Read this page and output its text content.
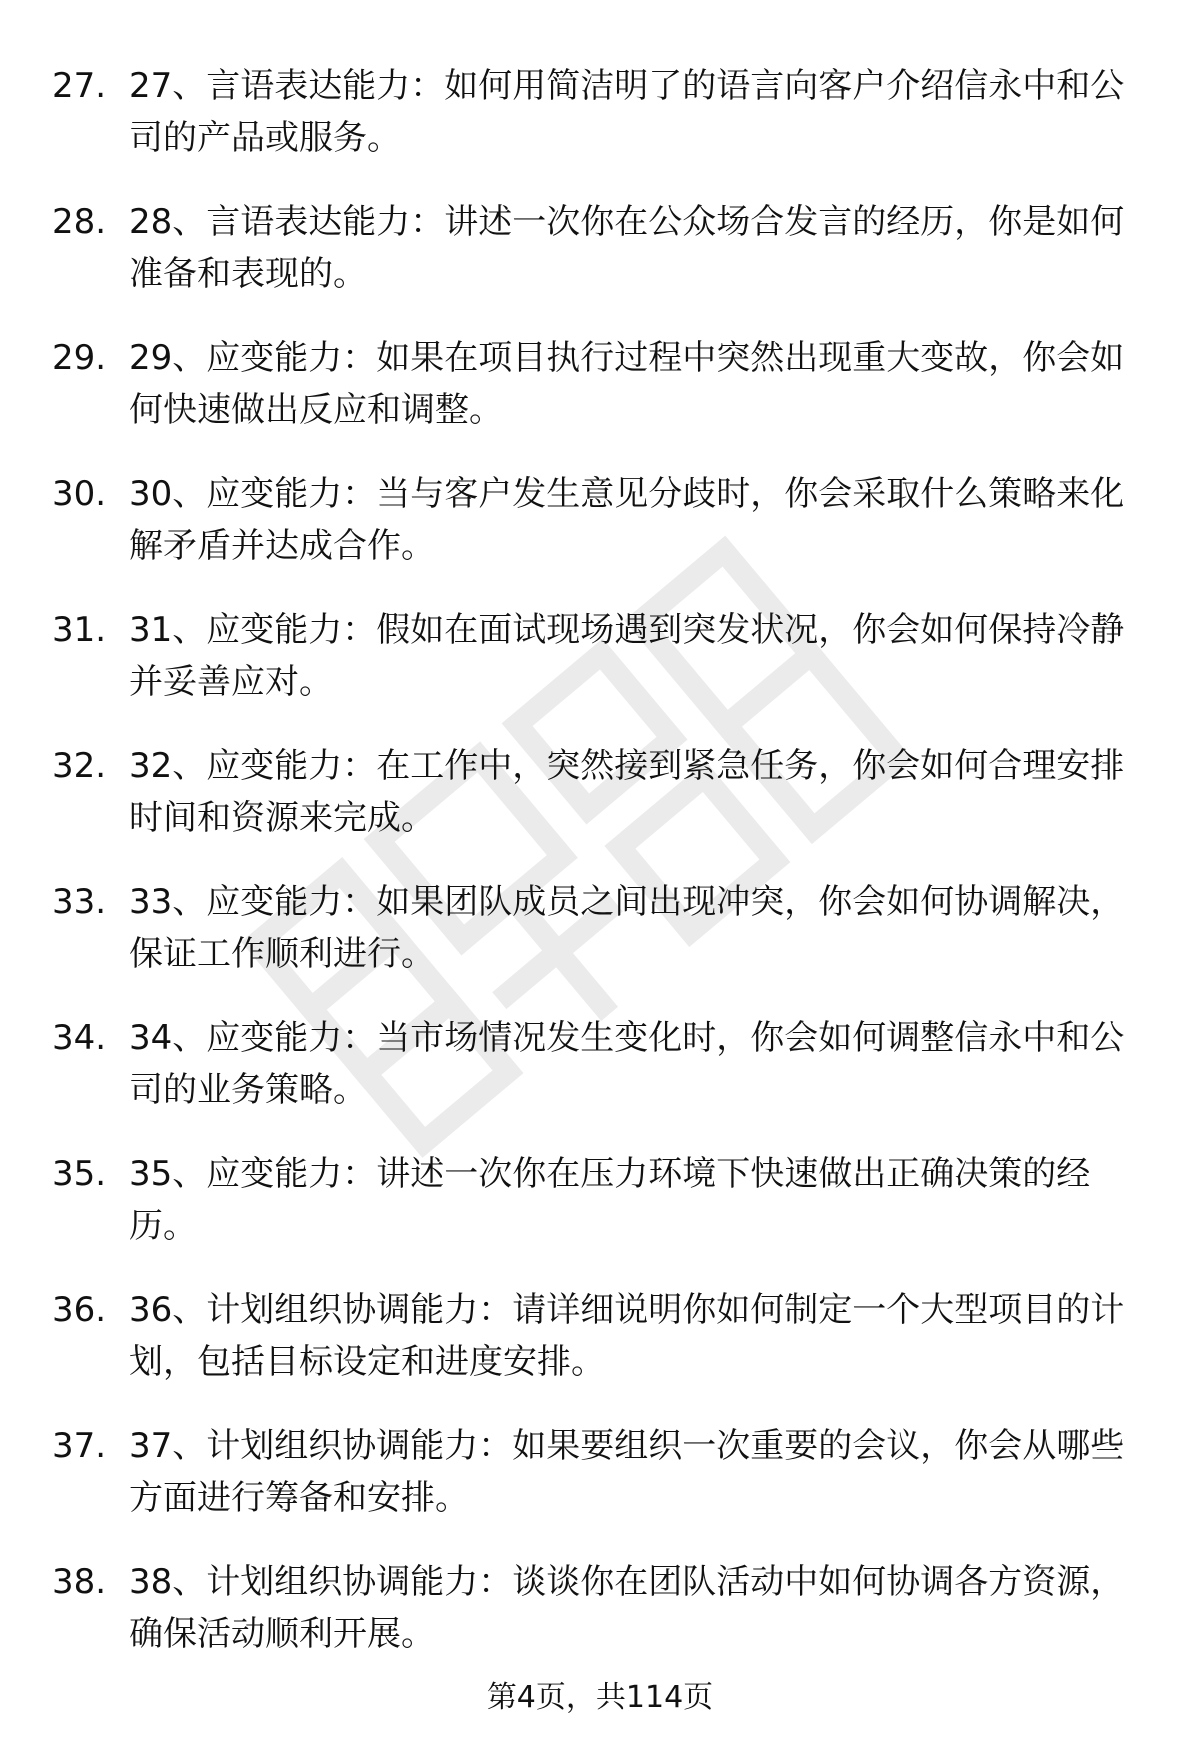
27. 27、言语表达能力：如何用简洁明了的语言向客户介绍信永中和公司的产品或服务。
28. 28、言语表达能力：讲述一次你在公众场合发言的经历，你是如何准备和表现的。
29. 29、应变能力：如果在项目执行过程中突然出现重大变故，你会如何快速做出反应和调整。
30. 30、应变能力：当与客户发生意见分歧时，你会采取什么策略来化解矛盾并达成合作。
31. 31、应变能力：假如在面试现场遇到突发状况，你会如何保持冷静并妥善应对。
32. 32、应变能力：在工作中，突然接到紧急任务，你会如何合理安排时间和资源来完成。
33. 33、应变能力：如果团队成员之间出现冲突，你会如何协调解决，保证工作顺利进行。
34. 34、应变能力：当市场情况发生变化时，你会如何调整信永中和公司的业务策略。
35. 35、应变能力：讲述一次你在压力环境下快速做出正确决策的经历。
36. 36、计划组织协调能力：请详细说明你如何制定一个大型项目的计划，包括目标设定和进度安排。
37. 37、计划组织协调能力：如果要组织一次重要的会议，你会从哪些方面进行筹备和安排。
38. 38、计划组织协调能力：谈谈你在团队活动中如何协调各方资源，确保活动顺利开展。
第4页，共114页
